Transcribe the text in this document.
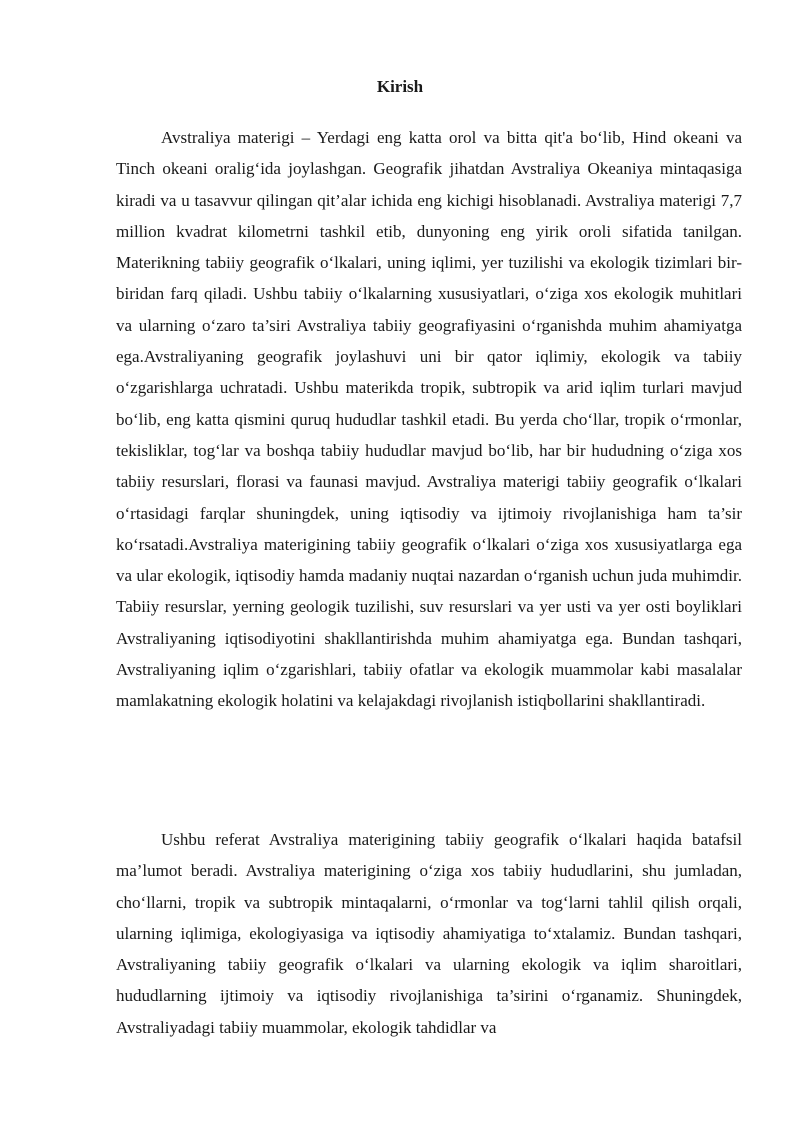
Kirish

Avstraliya materigi – Yerdagi eng katta orol va bitta qit'a bo‘lib, Hind okeani va Tinch okeani oralig‘ida joylashgan. Geografik jihatdan Avstraliya Okeaniya mintaqasiga kiradi va u tasavvur qilingan qit’alar ichida eng kichigi hisoblanadi. Avstraliya materigi 7,7 million kvadrat kilometrni tashkil etib, dunyoning eng yirik oroli sifatida tanilgan. Materikning tabiiy geografik o‘lkalari, uning iqlimi, yer tuzilishi va ekologik tizimlari bir-biridan farq qiladi. Ushbu tabiiy o‘lkalarning xususiyatlari, o‘ziga xos ekologik muhitlari va ularning o‘zaro ta’siri Avstraliya tabiiy geografiyasini o‘rganishda muhim ahamiyatga ega.Avstraliyaning geografik joylashuvi uni bir qator iqlimiy, ekologik va tabiiy o‘zgarishlarga uchratadi. Ushbu materikda tropik, subtropik va arid iqlim turlari mavjud bo‘lib, eng katta qismini quruq hududlar tashkil etadi. Bu yerda cho‘llar, tropik o‘rmonlar, tekisliklar, tog‘lar va boshqa tabiiy hududlar mavjud bo‘lib, har bir hududning o‘ziga xos tabiiy resurslari, florasi va faunasi mavjud. Avstraliya materigi tabiiy geografik o‘lkalari o‘rtasidagi farqlar shuningdek, uning iqtisodiy va ijtimoiy rivojlanishiga ham ta’sir ko‘rsatadi.Avstraliya materigining tabiiy geografik o‘lkalari o‘ziga xos xususiyatlarga ega va ular ekologik, iqtisodiy hamda madaniy nuqtai nazardan o‘rganish uchun juda muhimdir. Tabiiy resurslar, yerning geologik tuzilishi, suv resurslari va yer usti va yer osti boyliklari Avstraliyaning iqtisodiyotini shakllantirishda muhim ahamiyatga ega. Bundan tashqari, Avstraliyaning iqlim o‘zgarishlari, tabiiy ofatlar va ekologik muammolar kabi masalalar mamlakatning ekologik holatini va kelajakdagi rivojlanish istiqbollarini shakllantiradi.

Ushbu referat Avstraliya materigining tabiiy geografik o‘lkalari haqida batafsil ma’lumot beradi. Avstraliya materigining o‘ziga xos tabiiy hududlarini, shu jumladan, cho‘llarni, tropik va subtropik mintaqalarni, o‘rmonlar va tog‘larni tahlil qilish orqali, ularning iqlimiga, ekologiyasiga va iqtisodiy ahamiyatiga to‘xtalamiz. Bundan tashqari, Avstraliyaning tabiiy geografik o‘lkalari va ularning ekologik va iqlim sharoitlari, hududlarning ijtimoiy va iqtisodiy rivojlanishiga ta’sirini o‘rganamiz. Shuningdek, Avstraliyadagi tabiiy muammolar, ekologik tahdidlar va
